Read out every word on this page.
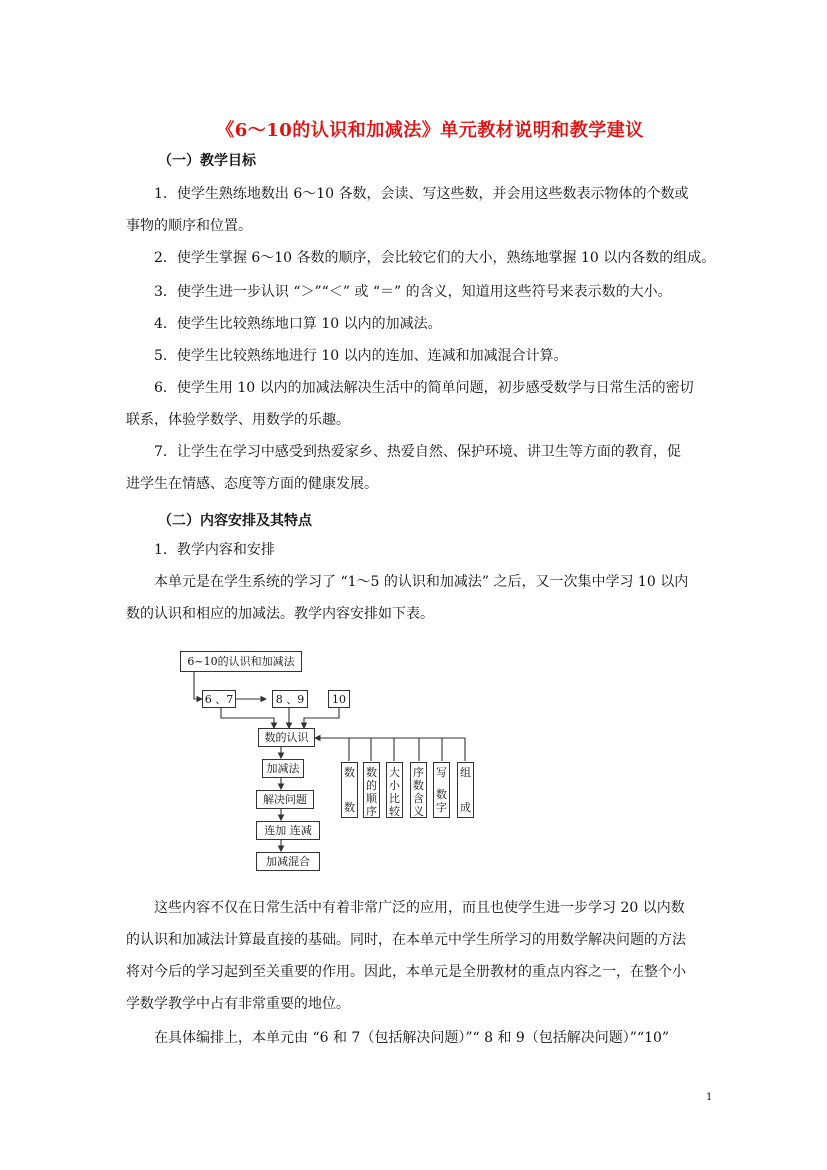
《6～10的认识和加减法》单元教材说明和教学建议
（一）教学目标
1．使学生熟练地数出 6～10 各数，会读、写这些数，并会用这些数表示物体的个数或
事物的顺序和位置。
2．使学生掌握 6～10 各数的顺序，会比较它们的大小，熟练地掌握 10 以内各数的组成。
3．使学生进一步认识 “＞”“＜” 或 “＝” 的含义，知道用这些符号来表示数的大小。
4．使学生比较熟练地口算 10 以内的加减法。
5．使学生比较熟练地进行 10 以内的连加、连减和加减混合计算。
6．使学生用 10 以内的加减法解决生活中的简单问题，初步感受数学与日常生活的密切
联系，体验学数学、用数学的乐趣。
7．让学生在学习中感受到热爱家乡、热爱自然、保护环境、讲卫生等方面的教育，促
进学生在情感、态度等方面的健康发展。
（二）内容安排及其特点
1．教学内容和安排
本单元是在学生系统的学习了 “1～5 的认识和加减法” 之后，又一次集中学习 10 以内
数的认识和相应的加减法。教学内容安排如下表。
6~10的认识和加减法
6 、7	8 、9	10
数的认识
加减法
解决问题
连加 连减
加减混合
数
数
数的
顺序
大小
比较
序数
含义
写
数字
组
成
这些内容不仅在日常生活中有着非常广泛的应用，而且也使学生进一步学习 20 以内数
的认识和加减法计算最直接的基础。同时，在本单元中学生所学习的用数学解决问题的方法
将对今后的学习起到至关重要的作用。因此，本单元是全册教材的重点内容之一，在整个小
学数学教学中占有非常重要的地位。
在具体编排上，本单元由 “6 和 7（包括解决问题）”“ 8 和 9（包括解决问题）”“10”
1
